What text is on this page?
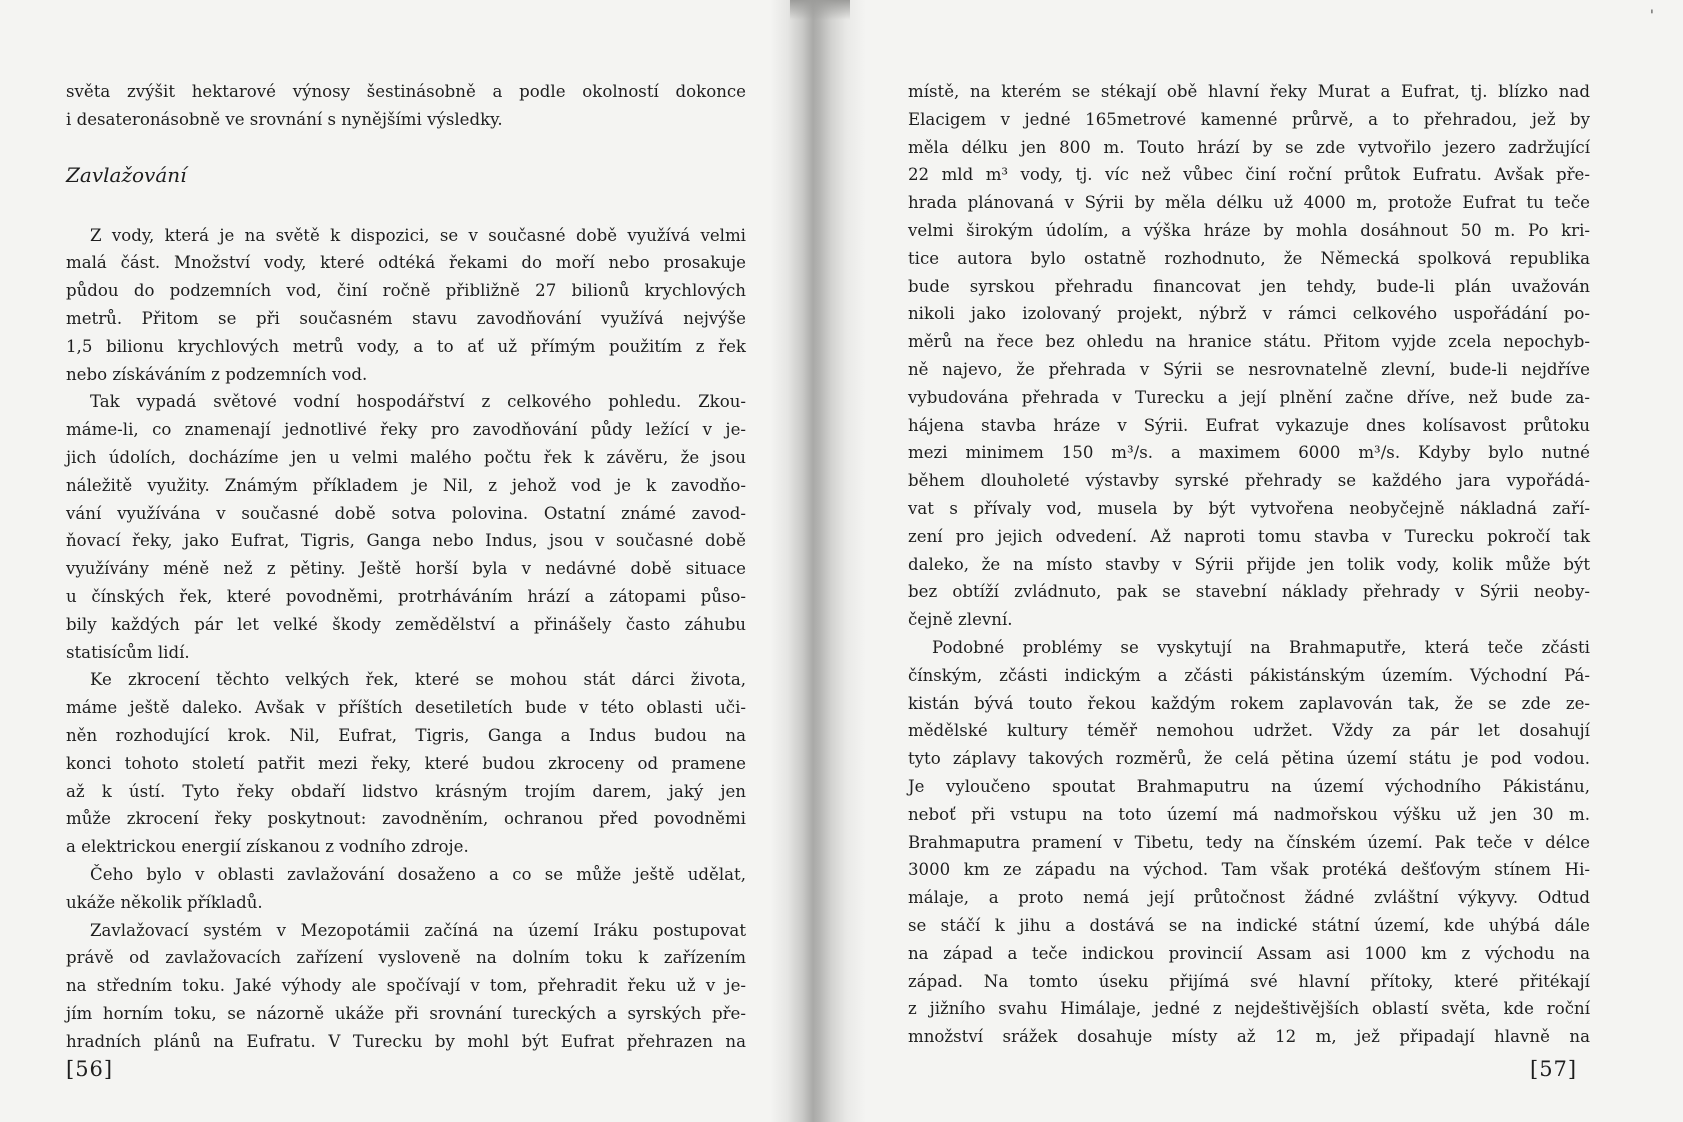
'
světa zvýšit hektarové výnosy šestinásobně a podle okolností dokonce
i desateronásobně ve srovnání s nynějšími výsledky.
Zavlažování
Z vody, která je na světě k dispozici, se v současné době využívá velmi
malá část. Množství vody, které odtéká řekami do moří nebo prosakuje
půdou do podzemních vod, činí ročně přibližně 27 bilionů krychlových
metrů. Přitom se při současném stavu zavodňování využívá nejvýše
1,5 bilionu krychlových metrů vody, a to ať už přímým použitím z řek
nebo získáváním z podzemních vod.
Tak vypadá světové vodní hospodářství z celkového pohledu. Zkou-
máme-li, co znamenají jednotlivé řeky pro zavodňování půdy ležící v je-
jich údolích, docházíme jen u velmi malého počtu řek k závěru, že jsou
náležitě využity. Známým příkladem je Nil, z jehož vod je k zavodňo-
vání využívána v současné době sotva polovina. Ostatní známé zavod-
ňovací řeky, jako Eufrat, Tigris, Ganga nebo Indus, jsou v současné době
využívány méně než z pětiny. Ještě horší byla v nedávné době situace
u čínských řek, které povodněmi, protrháváním hrází a zátopami půso-
bily každých pár let velké škody zemědělství a přinášely často záhubu
statisícům lidí.
Ke zkrocení těchto velkých řek, které se mohou stát dárci života,
máme ještě daleko. Avšak v příštích desetiletích bude v této oblasti uči-
něn rozhodující krok. Nil, Eufrat, Tigris, Ganga a Indus budou na
konci tohoto století patřit mezi řeky, které budou zkroceny od pramene
až k ústí. Tyto řeky obdaří lidstvo krásným trojím darem, jaký jen
může zkrocení řeky poskytnout: zavodněním, ochranou před povodněmi
a elektrickou energií získanou z vodního zdroje.
Čeho bylo v oblasti zavlažování dosaženo a co se může ještě udělat,
ukáže několik příkladů.
Zavlažovací systém v Mezopotámii začíná na území Iráku postupovat
právě od zavlažovacích zařízení vysloveně na dolním toku k zařízením
na středním toku. Jaké výhody ale spočívají v tom, přehradit řeku už v je-
jím horním toku, se názorně ukáže při srovnání tureckých a syrských pře-
hradních plánů na Eufratu. V Turecku by mohl být Eufrat přehrazen na
místě, na kterém se stékají obě hlavní řeky Murat a Eufrat, tj. blízko nad
Elacigem v jedné 165metrové kamenné průrvě, a to přehradou, jež by
měla délku jen 800 m. Touto hrází by se zde vytvořilo jezero zadržující
22 mld m³ vody, tj. víc než vůbec činí roční průtok Eufratu. Avšak pře-
hrada plánovaná v Sýrii by měla délku už 4000 m, protože Eufrat tu teče
velmi širokým údolím, a výška hráze by mohla dosáhnout 50 m. Po kri-
tice autora bylo ostatně rozhodnuto, že Německá spolková republika
bude syrskou přehradu financovat jen tehdy, bude-li plán uvažován
nikoli jako izolovaný projekt, nýbrž v rámci celkového uspořádání po-
měrů na řece bez ohledu na hranice státu. Přitom vyjde zcela nepochyb-
ně najevo, že přehrada v Sýrii se nesrovnatelně zlevní, bude-li nejdříve
vybudována přehrada v Turecku a její plnění začne dříve, než bude za-
hájena stavba hráze v Sýrii. Eufrat vykazuje dnes kolísavost průtoku
mezi minimem 150 m³/s. a maximem 6000 m³/s. Kdyby bylo nutné
během dlouholeté výstavby syrské přehrady se každého jara vypořádá-
vat s přívaly vod, musela by být vytvořena neobyčejně nákladná zaří-
zení pro jejich odvedení. Až naproti tomu stavba v Turecku pokročí tak
daleko, že na místo stavby v Sýrii přijde jen tolik vody, kolik může být
bez obtíží zvládnuto, pak se stavební náklady přehrady v Sýrii neoby-
čejně zlevní.
Podobné problémy se vyskytují na Brahmaputře, která teče zčásti
čínským, zčásti indickým a zčásti pákistánským územím. Východní Pá-
kistán bývá touto řekou každým rokem zaplavován tak, že se zde ze-
mědělské kultury téměř nemohou udržet. Vždy za pár let dosahují
tyto záplavy takových rozměrů, že celá pětina území státu je pod vodou.
Je vyloučeno spoutat Brahmaputru na území východního Pákistánu,
neboť při vstupu na toto území má nadmořskou výšku už jen 30 m.
Brahmaputra pramení v Tibetu, tedy na čínském území. Pak teče v délce
3000 km ze západu na východ. Tam však protéká dešťovým stínem Hi-
málaje, a proto nemá její průtočnost žádné zvláštní výkyvy. Odtud
se stáčí k jihu a dostává se na indické státní území, kde uhýbá dále
na západ a teče indickou provincií Assam asi 1000 km z východu na
západ. Na tomto úseku přijímá své hlavní přítoky, které přitékají
z jižního svahu Himálaje, jedné z nejdeštivějších oblastí světa, kde roční
množství srážek dosahuje místy až 12 m, jež připadají hlavně na
[56]	[57]
